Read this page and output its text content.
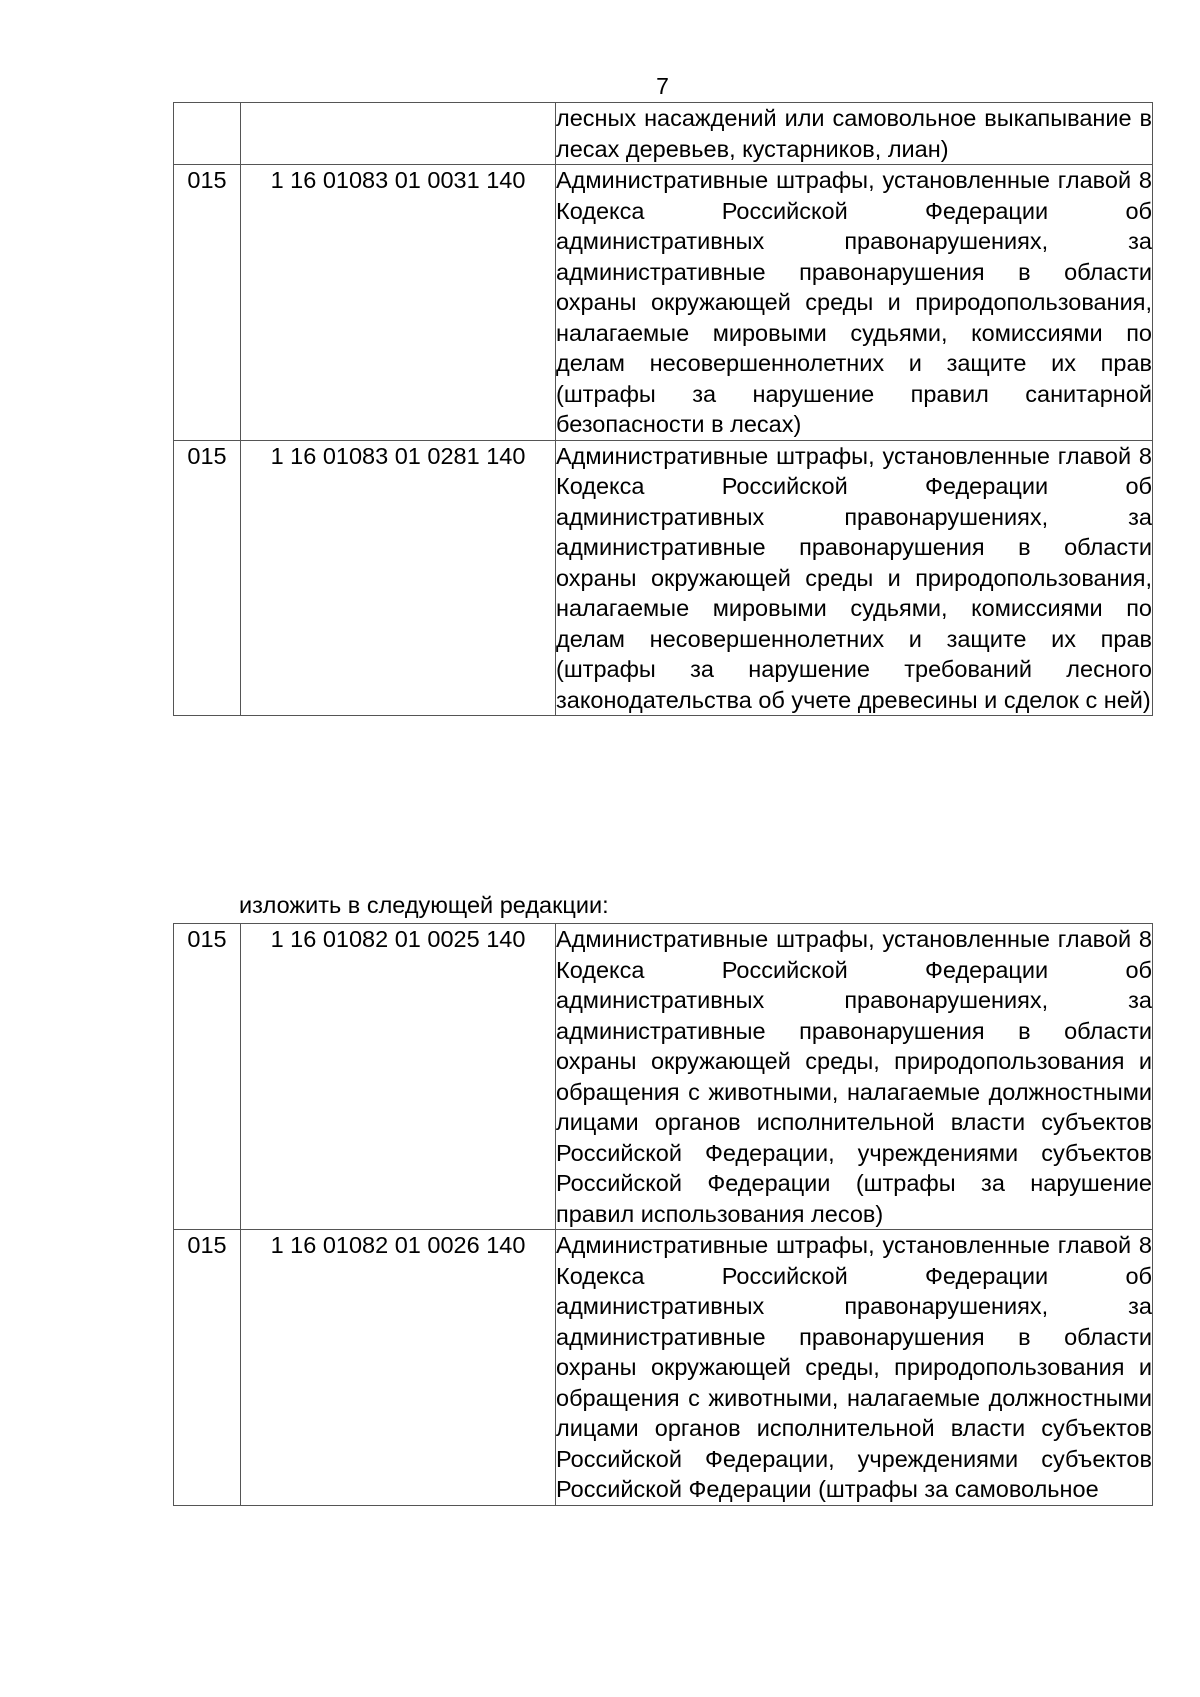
7
		лесных насаждений или самовольное выкапывание в лесах деревьев, кустарников, лиан)
015	1 16 01083 01 0031 140	Административные штрафы, установленные главой 8 Кодекса Российской Федерации об административных правонарушениях, за административные правонарушения в области охраны окружающей среды и природопользования, налагаемые мировыми судьями, комиссиями по делам несовершеннолетних и защите их прав (штрафы за нарушение правил санитарной безопасности в лесах)
015	1 16 01083 01 0281 140	Административные штрафы, установленные главой 8 Кодекса Российской Федерации об административных правонарушениях, за административные правонарушения в области охраны окружающей среды и природопользования, налагаемые мировыми судьями, комиссиями по делам несовершеннолетних и защите их прав (штрафы за нарушение требований лесного законодательства об учете древесины и сделок с ней)
изложить в следующей редакции:
015	1 16 01082 01 0025 140	Административные штрафы, установленные главой 8 Кодекса Российской Федерации об административных правонарушениях, за административные правонарушения в области охраны окружающей среды, природопользования и обращения с животными, налагаемые должностными лицами органов исполнительной власти субъектов Российской Федерации, учреждениями субъектов Российской Федерации (штрафы за нарушение правил использования лесов)
015	1 16 01082 01 0026 140	Административные штрафы, установленные главой 8 Кодекса Российской Федерации об административных правонарушениях, за административные правонарушения в области охраны окружающей среды, природопользования и обращения с животными, налагаемые должностными лицами органов исполнительной власти субъектов Российской Федерации, учреждениями субъектов Российской Федерации (штрафы за самовольное
